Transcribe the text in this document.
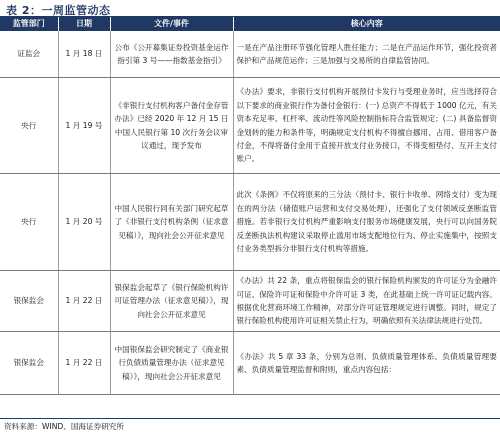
表 2：一周监管动态
监管部门	日期	文件/事件	核心内容
证监会	1 月 18 日	公布《公开募集证券投资基金运作指引第 3 号——指数基金指引》	一是在产品注册环节强化管理人胜任能力；二是在产品运作环节，强化投资者保护和产品规范运作；三是加强与交易所的自律监管协同。
央行	1 月 19 号	《非银行支付机构客户备付金存管办法》已经 2020 年 12 月 15 日中国人民银行第 10 次行务会议审议通过，现予发布	《办法》要求，非银行支付机构开展预付卡发行与受理业务时，应当选择符合以下要求的商业银行作为备付金银行：(一) 总资产不得低于 1000 亿元，有关资本充足率、杠杆率、流动性等风险控制指标符合监管规定；(二) 具备监督资金划转的能力和条件等，明确规定支付机构不得擅自挪用、占用、借用客户备付金，不得将备付金用于直接开放支付业务接口，不得变相垫付、互开主支付账户。
央行	1 月 20 号	中国人民银行同有关部门研究起草了《非银行支付机构条例（征求意见稿）》，现向社会公开征求意见	此次《条例》不仅将原来的三分法（预付卡、银行卡收单、网络支付）变为现在的两分法（储值账户运营和支付交易处理），还强化了支付领域反垄断监管措施。若非银行支付机构严重影响支付服务市场健康发展，央行可以向国务院反垄断执法机构建议采取停止滥用市场支配地位行为、停止实施集中，按照支付业务类型拆分非银行支付机构等措施。
银保监会	1 月 22 日	银保监会起草了《银行保险机构许可证管理办法（征求意见稿）》，现向社会公开征求意见	《办法》共 22 条，重点将银保监会的银行保险机构颁发的许可证分为金融许可证、保险许可证和保险中介许可证 3 类，在此基础上统一许可证记载内容。根据优化营商环境工作精神，对部分许可证管理规定进行调整。同时，规定了银行保险机构使用许可证相关禁止行为，明确依照有关法律法规进行处罚。
银保监会	1 月 22 日	中国银保监会研究制定了《商业银行负债质量管理办法（征求意见稿）》，现向社会公开征求意见	《办法》共 5 章 33 条，分别为总则、负债质量管理体系、负债质量管理要素、负债质量管理监督和附则，重点内容包括：
资料来源：WIND、国海证券研究所
